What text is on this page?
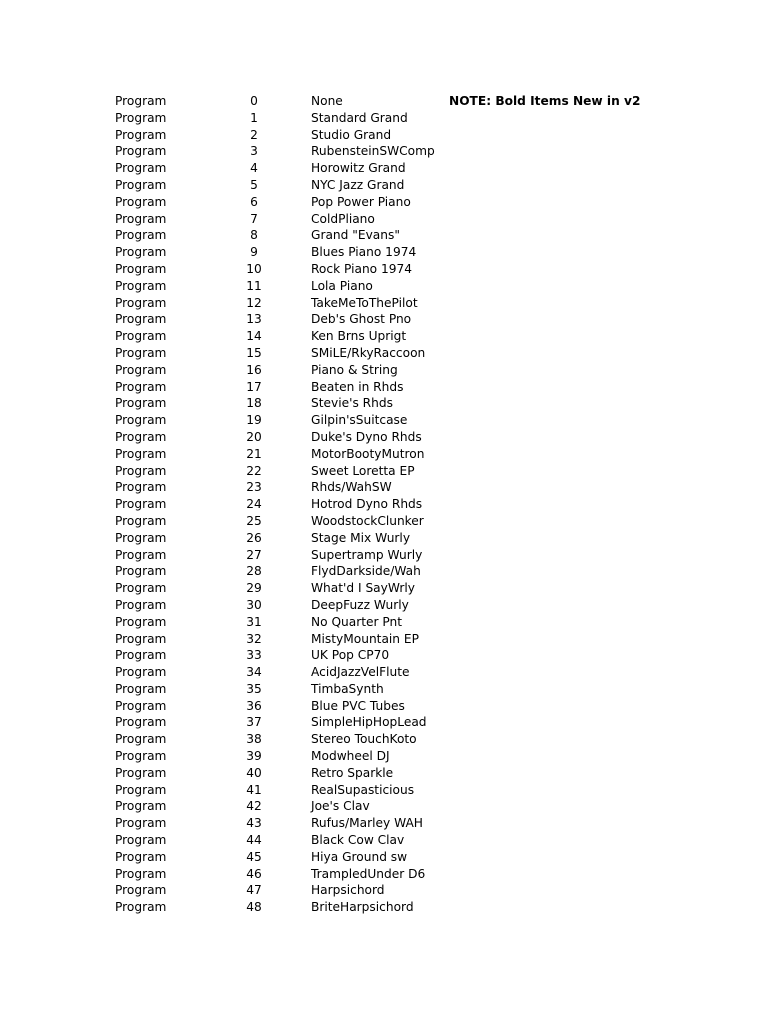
Program	0	None	NOTE: Bold Items New in v2
Program	1	Standard Grand
Program	2	Studio Grand
Program	3	RubensteinSWComp
Program	4	Horowitz Grand
Program	5	NYC Jazz Grand
Program	6	Pop Power Piano
Program	7	ColdPliano
Program	8	Grand "Evans"
Program	9	Blues Piano 1974
Program	10	Rock Piano 1974
Program	11	Lola Piano
Program	12	TakeMeToThePilot
Program	13	Deb's Ghost Pno
Program	14	Ken Brns Uprigt
Program	15	SMiLE/RkyRaccoon
Program	16	Piano & String
Program	17	Beaten in Rhds
Program	18	Stevie's Rhds
Program	19	Gilpin'sSuitcase
Program	20	Duke's Dyno Rhds
Program	21	MotorBootyMutron
Program	22	Sweet Loretta EP
Program	23	Rhds/WahSW
Program	24	Hotrod Dyno Rhds
Program	25	WoodstockClunker
Program	26	Stage Mix Wurly
Program	27	Supertramp Wurly
Program	28	FlydDarkside/Wah
Program	29	What'd I SayWrly
Program	30	DeepFuzz Wurly
Program	31	No Quarter Pnt
Program	32	MistyMountain EP
Program	33	UK Pop CP70
Program	34	AcidJazzVelFlute
Program	35	TimbaSynth
Program	36	Blue PVC Tubes
Program	37	SimpleHipHopLead
Program	38	Stereo TouchKoto
Program	39	Modwheel DJ
Program	40	Retro Sparkle
Program	41	RealSupasticious
Program	42	Joe's Clav
Program	43	Rufus/Marley WAH
Program	44	Black Cow Clav
Program	45	Hiya Ground sw
Program	46	TrampledUnder D6
Program	47	Harpsichord
Program	48	BriteHarpsichord
